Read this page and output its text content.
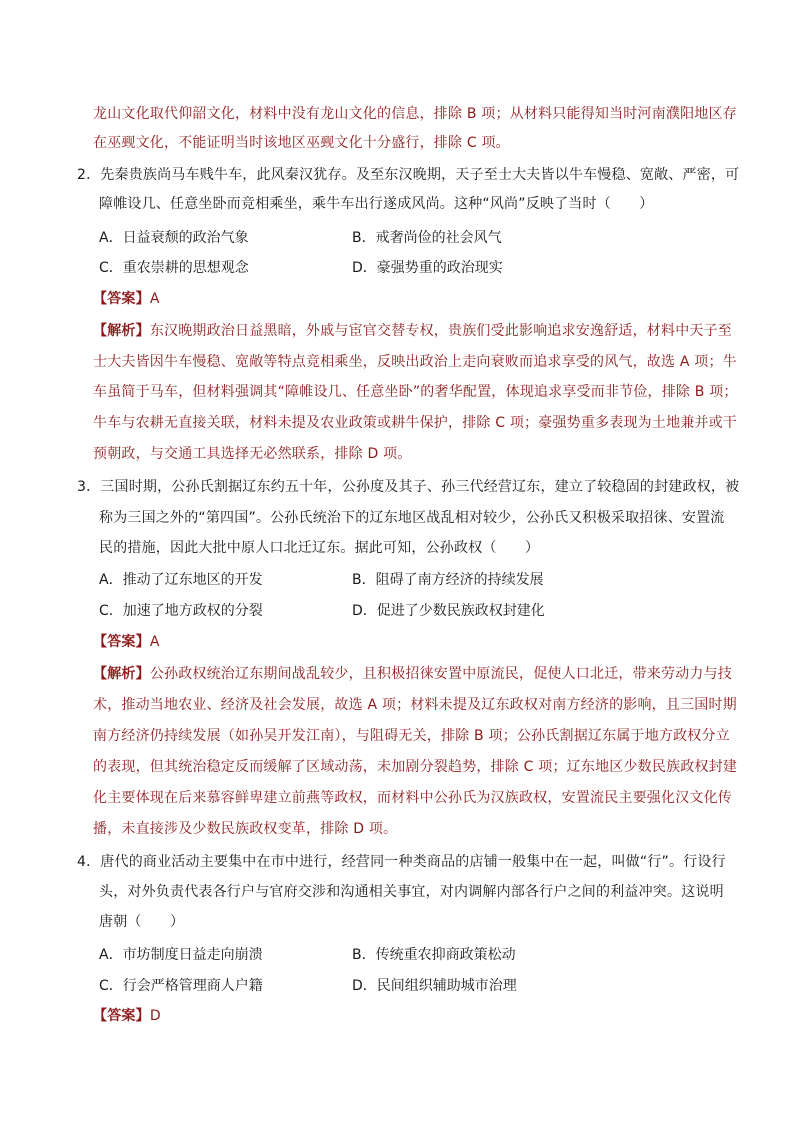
龙山文化取代仰韶文化，材料中没有龙山文化的信息，排除 B 项；从材料只能得知当时河南濮阳地区存
在巫觋文化，不能证明当时该地区巫觋文化十分盛行，排除 C 项。
2．先秦贵族尚马车贱牛车，此风秦汉犹存。及至东汉晚期，天子至士大夫皆以牛车慢稳、宽敞、严密，可
障帷设几、任意坐卧而竞相乘坐，乘牛车出行遂成风尚。这种“风尚”反映了当时（　　）
A．日益衰颓的政治气象	B．戒奢尚俭的社会风气
C．重农崇耕的思想观念	D．豪强势重的政治现实
【答案】A
【解析】东汉晚期政治日益黑暗，外戚与宦官交替专权，贵族们受此影响追求安逸舒适，材料中天子至
士大夫皆因牛车慢稳、宽敞等特点竞相乘坐，反映出政治上走向衰败而追求享受的风气，故选 A 项；牛
车虽简于马车，但材料强调其“障帷设几、任意坐卧”的奢华配置，体现追求享受而非节俭，排除 B 项；
牛车与农耕无直接关联，材料未提及农业政策或耕牛保护，排除 C 项；豪强势重多表现为土地兼并或干
预朝政，与交通工具选择无必然联系，排除 D 项。
3．三国时期，公孙氏割据辽东约五十年，公孙度及其子、孙三代经营辽东，建立了较稳固的封建政权，被
称为三国之外的“第四国”。公孙氏统治下的辽东地区战乱相对较少，公孙氏又积极采取招徕、安置流
民的措施，因此大批中原人口北迁辽东。据此可知，公孙政权（　　）
A．推动了辽东地区的开发	B．阻碍了南方经济的持续发展
C．加速了地方政权的分裂	D．促进了少数民族政权封建化
【答案】A
【解析】公孙政权统治辽东期间战乱较少，且积极招徕安置中原流民，促使人口北迁，带来劳动力与技
术，推动当地农业、经济及社会发展，故选 A 项；材料未提及辽东政权对南方经济的影响，且三国时期
南方经济仍持续发展（如孙吴开发江南），与阻碍无关，排除 B 项；公孙氏割据辽东属于地方政权分立
的表现，但其统治稳定反而缓解了区域动荡，未加剧分裂趋势，排除 C 项；辽东地区少数民族政权封建
化主要体现在后来慕容鲜卑建立前燕等政权，而材料中公孙氏为汉族政权，安置流民主要强化汉文化传
播，未直接涉及少数民族政权变革，排除 D 项。
4．唐代的商业活动主要集中在市中进行，经营同一种类商品的店铺一般集中在一起，叫做“行”。行设行
头，对外负责代表各行户与官府交涉和沟通相关事宜，对内调解内部各行户之间的利益冲突。这说明
唐朝（　　）
A．市坊制度日益走向崩溃	B．传统重农抑商政策松动
C．行会严格管理商人户籍	D．民间组织辅助城市治理
【答案】D
